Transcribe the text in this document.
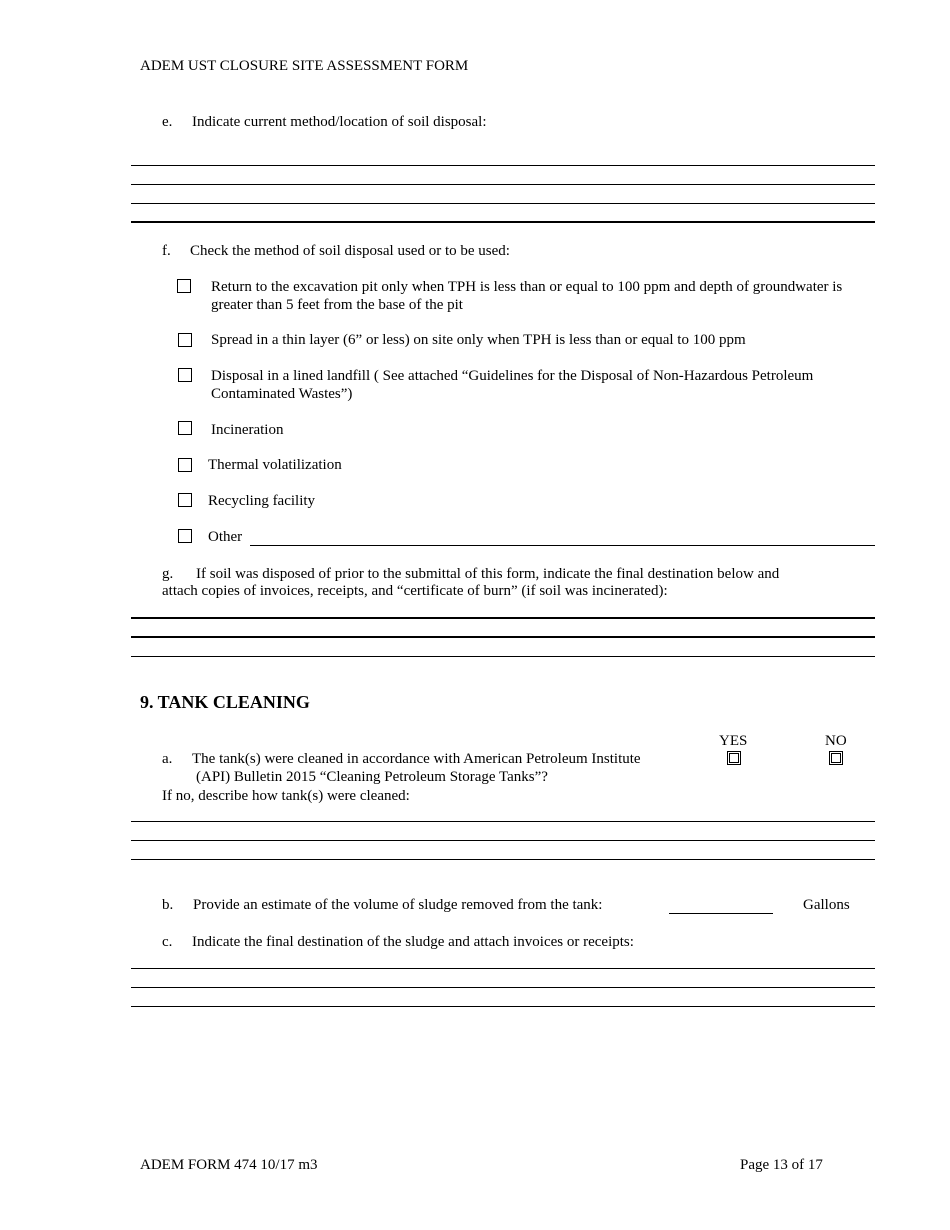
ADEM UST CLOSURE SITE ASSESSMENT FORM
e. Indicate current method/location of soil disposal:
f. Check the method of soil disposal used or to be used:
Return to the excavation pit only when TPH is less than or equal to 100 ppm and depth of groundwater is
greater than 5 feet from the base of the pit
Spread in a thin layer (6” or less) on site only when TPH is less than or equal to 100 ppm
Disposal in a lined landfill ( See attached “Guidelines for the Disposal of Non-Hazardous Petroleum
Contaminated Wastes”)
Incineration
Thermal volatilization
Recycling facility
Other
g. If soil was disposed of prior to the submittal of this form, indicate the final destination below and
attach copies of invoices, receipts, and “certificate of burn” (if soil was incinerated):
9. TANK CLEANING
YES	NO
a. The tank(s) were cleaned in accordance with American Petroleum Institute
(API) Bulletin 2015 “Cleaning Petroleum Storage Tanks”?
If no, describe how tank(s) were cleaned:
b. Provide an estimate of the volume of sludge removed from the tank:	Gallons
c. Indicate the final destination of the sludge and attach invoices or receipts:
ADEM FORM 474 10/17 m3	Page 13 of 17
